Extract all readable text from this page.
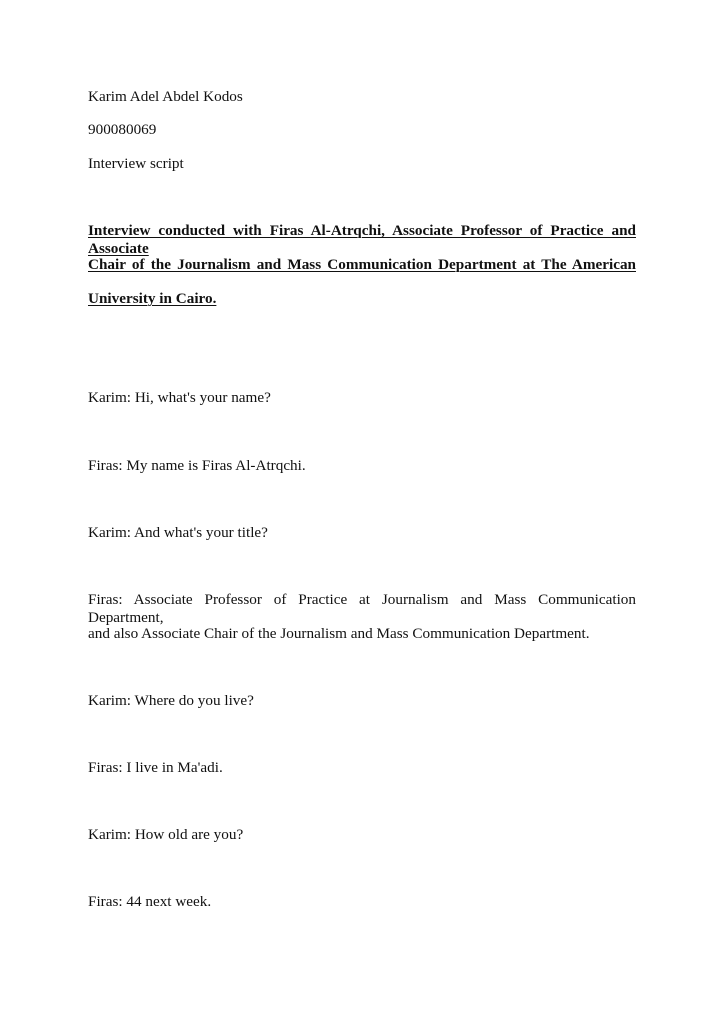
Karim Adel Abdel Kodos
900080069
Interview script
Interview conducted with Firas Al-Atrqchi, Associate Professor of Practice and Associate
Chair of the Journalism and Mass Communication Department at The American
University in Cairo.
Karim: Hi, what's your name?
Firas: My name is Firas Al-Atrqchi.
Karim: And what's your title?
Firas: Associate Professor of Practice at Journalism and Mass Communication Department,
and also Associate Chair of the Journalism and Mass Communication Department.
Karim: Where do you live?
Firas: I live in Ma'adi.
Karim: How old are you?
Firas: 44 next week.
